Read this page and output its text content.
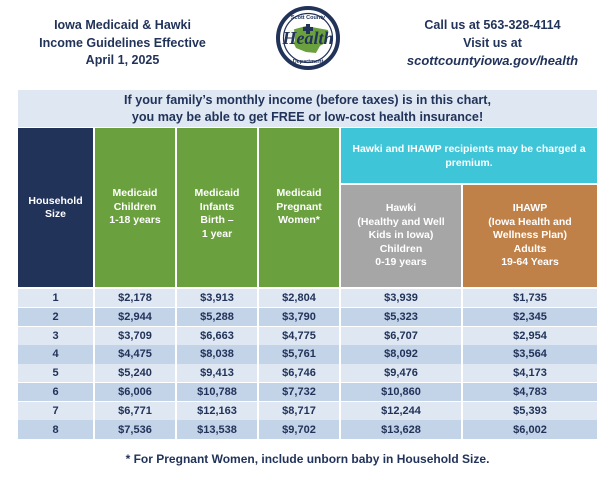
Iowa Medicaid & Hawki
Income Guidelines Effective
April 1, 2025
Health
Scott County
Department
Call us at 563-328-4114
Visit us at
scottcountyiowa.gov/health
If your family’s monthly income (before taxes) is in this chart,
you may be able to get FREE or low-cost health insurance!
Household
Size
Medicaid
Children
1-18 years
Medicaid
Infants
Birth –
1 year
Medicaid
Pregnant
Women*
Hawki and IHAWP recipients may be charged a premium.
Hawki
(Healthy and Well
Kids in Iowa)
Children
0-19 years
IHAWP
(Iowa Health and
Wellness Plan)
Adults
19-64 Years
1	$2,178	$3,913	$2,804	$3,939	$1,735
2	$2,944	$5,288	$3,790	$5,323	$2,345
3	$3,709	$6,663	$4,775	$6,707	$2,954
4	$4,475	$8,038	$5,761	$8,092	$3,564
5	$5,240	$9,413	$6,746	$9,476	$4,173
6	$6,006	$10,788	$7,732	$10,860	$4,783
7	$6,771	$12,163	$8,717	$12,244	$5,393
8	$7,536	$13,538	$9,702	$13,628	$6,002
* For Pregnant Women, include unborn baby in Household Size.
